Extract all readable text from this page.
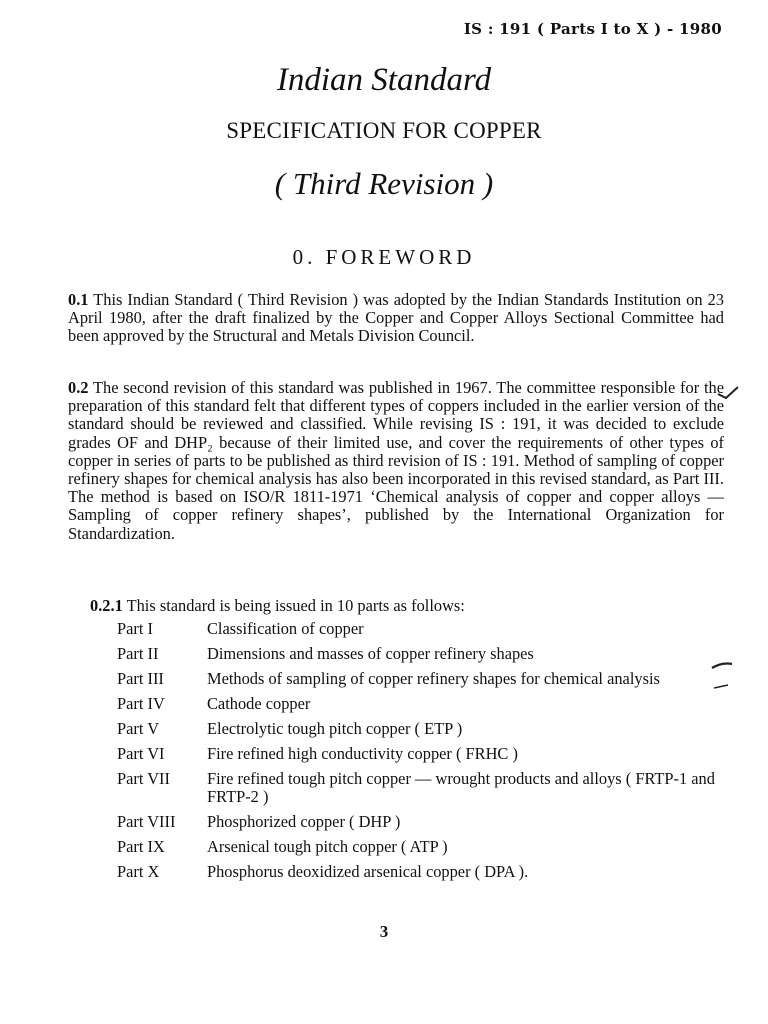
IS : 191 ( Parts I to X ) - 1980
Indian Standard
SPECIFICATION FOR COPPER
( Third Revision )
0. FOREWORD
0.1 This Indian Standard ( Third Revision ) was adopted by the Indian Standards Institution on 23 April 1980, after the draft finalized by the Copper and Copper Alloys Sectional Committee had been approved by the Structural and Metals Division Council.
0.2 The second revision of this standard was published in 1967. The committee responsible for the preparation of this standard felt that different types of coppers included in the earlier version of the standard should be reviewed and classified. While revising IS : 191, it was decided to exclude grades OF and DHP₂ because of their limited use, and cover the requirements of other types of copper in series of parts to be published as third revision of IS : 191. Method of sampling of copper refinery shapes for chemical analysis has also been incorporated in this revised standard, as Part III. The method is based on ISO/R 1811-1971 ‘Chemical analysis of copper and copper alloys — Sampling of copper refinery shapes’, published by the International Organization for Standardization.
0.2.1 This standard is being issued in 10 parts as follows:
Part I	Classification of copper
Part II	Dimensions and masses of copper refinery shapes
Part III	Methods of sampling of copper refinery shapes for chemical analysis
Part IV	Cathode copper
Part V	Electrolytic tough pitch copper ( ETP )
Part VI	Fire refined high conductivity copper ( FRHC )
Part VII	Fire refined tough pitch copper — wrought products and alloys ( FRTP-1 and FRTP-2 )
Part VIII	Phosphorized copper ( DHP )
Part IX	Arsenical tough pitch copper ( ATP )
Part X	Phosphorus deoxidized arsenical copper ( DPA ).
3
